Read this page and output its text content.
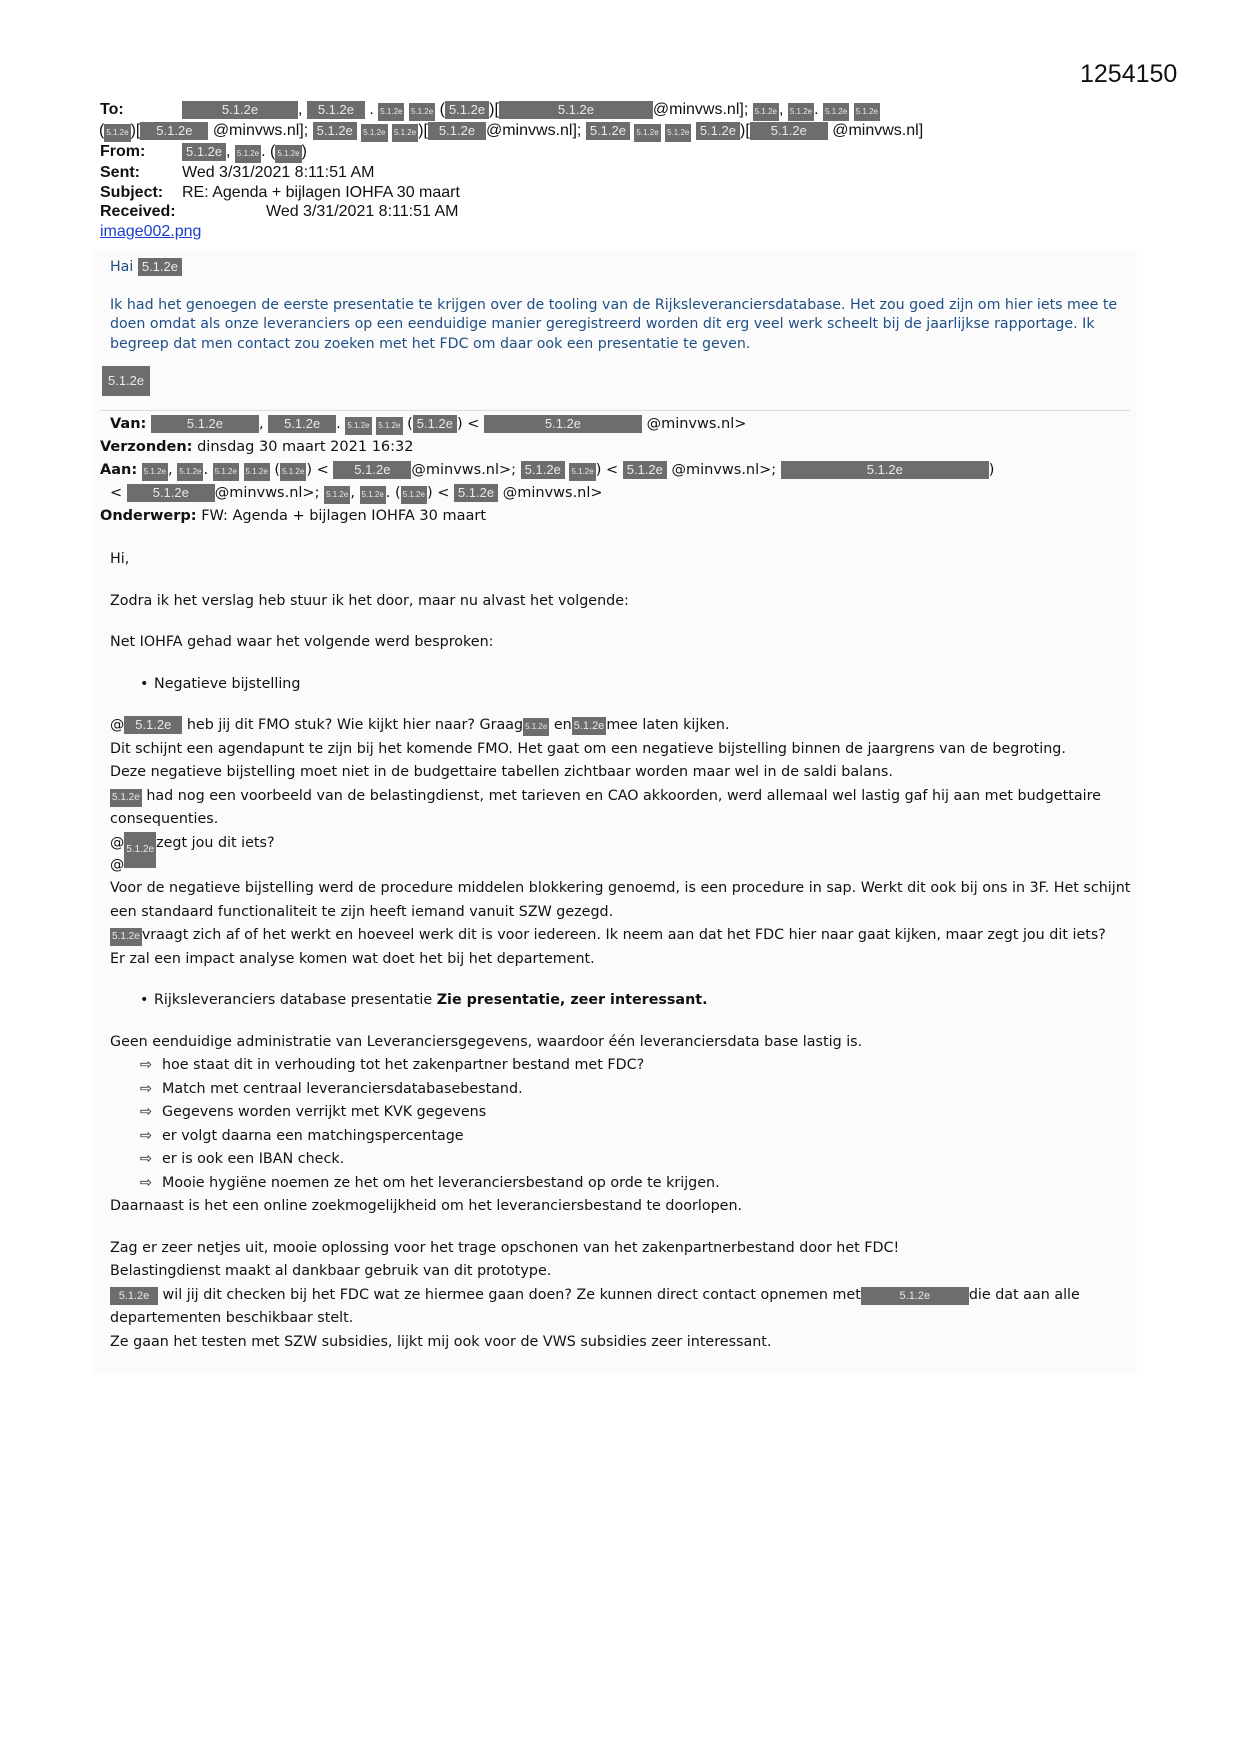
1254150
To:	5.1.2e , 5.1.2e . 5.1.2e 5.1.2e ( 5.1.2e )[	5.1.2e	@minvws.nl]; 5.1.2e , 5.1.2e . 5.1.2e 5.1.2e
( 5.1.2e )[ 5.1.2e @minvws.nl]; 5.1.2e 5.1.2e 5.1.2e )[ 5.1.2e @minvws.nl]; 5.1.2e 5.1.2e 5.1.2e 5.1.2e )[ 5.1.2e @minvws.nl]
From:	5.1.2e , 5.1.2e . ( 5.1.2e )
Sent:	Wed 3/31/2021 8:11:51 AM
Subject: RE: Agenda + bijlagen IOHFA 30 maart
Received:	Wed 3/31/2021 8:11:51 AM
image002.png

Hai 5.1.2e

Ik had het genoegen de eerste presentatie te krijgen over de tooling van de Rijksleveranciersdatabase. Het zou goed zijn om hier iets mee te doen omdat als onze leveranciers op een eenduidige manier geregistreerd worden dit erg veel werk scheelt bij de jaarlijkse rapportage. Ik begreep dat men contact zou zoeken met het FDC om daar ook een presentatie te geven.

5.1.2e

Van:	5.1.2e , 5.1.2e . 5.1.2e 5.1.2e ( 5.1.2e ) <	5.1.2e	@minvws.nl>
Verzonden: dinsdag 30 maart 2021 16:32
Aan: 5.1.2e , 5.1.2e . 5.1.2e 5.1.2e ( 5.1.2e ) < 5.1.2e @minvws.nl>; 5.1.2e 5.1.2e ) < 5.1.2e @minvws.nl>;	5.1.2e	)
< 5.1.2e @minvws.nl>; 5.1.2e , 5.1.2e . ( 5.1.2e ) < 5.1.2e @minvws.nl>
Onderwerp: FW: Agenda + bijlagen IOHFA 30 maart

Hi,

Zodra ik het verslag heb stuur ik het door, maar nu alvast het volgende:

Net IOHFA gehad waar het volgende werd besproken:

• Negatieve bijstelling

@ 5.1.2e heb jij dit FMO stuk? Wie kijkt hier naar? Graag 5.1.2e en 5.1.2e mee laten kijken.

Dit schijnt een agendapunt te zijn bij het komende FMO. Het gaat om een negatieve bijstelling binnen de jaargrens van de begroting.

Deze negatieve bijstelling moet niet in de budgettaire tabellen zichtbaar worden maar wel in de saldi balans.

5.1.2e had nog een voorbeeld van de belastingdienst, met tarieven en CAO akkoorden, werd allemaal wel lastig gaf hij aan met budgettaire consequenties.

@ 5.1.2e zegt jou dit iets?

@

Voor de negatieve bijstelling werd de procedure middelen blokkering genoemd, is een procedure in sap. Werkt dit ook bij ons in 3F. Het schijnt een standaard functionaliteit te zijn heeft iemand vanuit SZW gezegd.

5.1.2e vraagt zich af of het werkt en hoeveel werk dit is voor iedereen. Ik neem aan dat het FDC hier naar gaat kijken, maar zegt jou dit iets?

Er zal een impact analyse komen wat doet het bij het departement.

• Rijksleveranciers database presentatie Zie presentatie, zeer interessant.

Geen eenduidige administratie van Leveranciersgegevens, waardoor één leveranciersdata base lastig is.

⇨ hoe staat dit in verhouding tot het zakenpartner bestand met FDC?

⇨ Match met centraal leveranciersdatabasebestand.

⇨ Gegevens worden verrijkt met KVK gegevens

⇨ er volgt daarna een matchingspercentage

⇨ er is ook een IBAN check.

⇨ Mooie hygiëne noemen ze het om het leveranciersbestand op orde te krijgen.

Daarnaast is het een online zoekmogelijkheid om het leveranciersbestand te doorlopen.

Zag er zeer netjes uit, mooie oplossing voor het trage opschonen van het zakenpartnerbestand door het FDC!

Belastingdienst maakt al dankbaar gebruik van dit prototype.

5.1.2e wil jij dit checken bij het FDC wat ze hiermee gaan doen? Ze kunnen direct contact opnemen met	5.1.2e	die dat aan alle departementen beschikbaar stelt.

Ze gaan het testen met SZW subsidies, lijkt mij ook voor de VWS subsidies zeer interessant.
